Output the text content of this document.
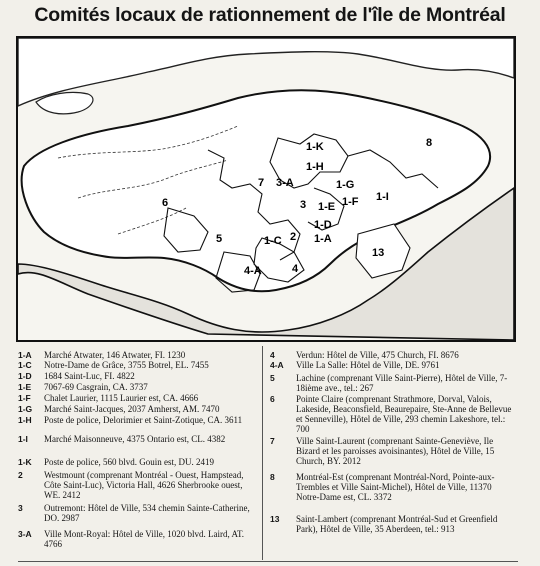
Comités locaux de rationnement de l'île de Montréal
1-K	8
1-H
1-G
1-F 1-I
3-A
7
1-E
3
6
1-D
1-A
2
1-C
5
13
4
4-A
1-A	Marché Atwater, 146 Atwater, FI. 1230
1-C	Notre-Dame de Grâce, 3755 Botrel, EL. 7455
1-D	1684 Saint-Luc, FI. 4822
1-E	7067-69 Casgrain, CA. 3737
1-F	Chalet Laurier, 1115 Laurier est, CA. 4666
1-G	Marché Saint-Jacques, 2037 Amherst, AM. 7470
1-H	Poste de police, Delorimier et Saint-Zotique, CA. 3611
1-I	Marché Maisonneuve, 4375 Ontario est, CL. 4382
1-K	Poste de police, 560 blvd. Gouin est, DU. 2419
2	Westmount (comprenant Montréal - Ouest, Hampstead, Côte Saint-Luc), Victoria Hall, 4626 Sherbrooke ouest, WE. 2412
3	Outremont: Hôtel de Ville, 534 chemin Sainte-Catherine, DO. 2987
3-A	Ville Mont-Royal: Hôtel de Ville, 1020 blvd. Laird, AT. 4766
4	Verdun: Hôtel de Ville, 475 Church, FI. 8676
4-A	Ville La Salle: Hôtel de Ville, DE. 9761
5	Lachine (comprenant Ville Saint-Pierre), Hôtel de Ville, 7-18ième ave., tel.: 267
6	Pointe Claire (comprenant Strathmore, Dorval, Valois, Lakeside, Beaconsfield, Beaurepaire, Ste-Anne de Bellevue et Senneville), Hôtel de Ville, 293 chemin Lakeshore, tel.: 700
7	Ville Saint-Laurent (comprenant Sainte-Geneviève, Ile Bizard et les paroisses avoisinantes), Hôtel de Ville, 15 Church, BY. 2012
8	Montréal-Est (comprenant Montréal-Nord, Pointe-aux-Trembles et Ville Saint-Michel), Hôtel de Ville, 11370 Notre-Dame est, CL. 3372
13	Saint-Lambert (comprenant Montréal-Sud et Greenfield Park), Hôtel de Ville, 35 Aberdeen, tel.: 913
